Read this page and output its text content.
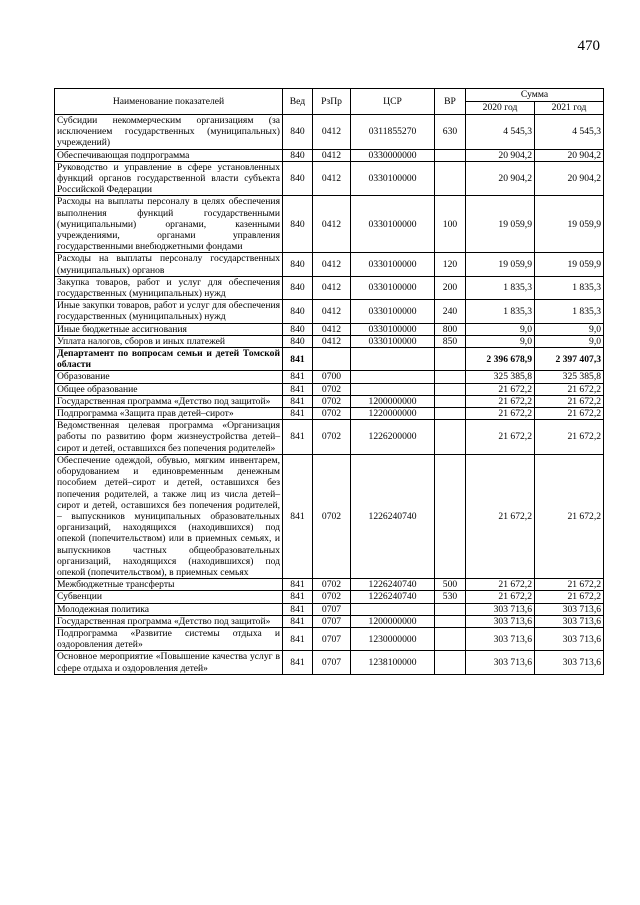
470
Наименование показателей	Вед	РзПр	ЦСР	ВР	Сумма	
					2020 год	2021 год
Субсидии некоммерческим организациям (за исключением государственных (муниципальных) учреждений)	840	0412	0311855270	630	4 545,3	4 545,3
Обеспечивающая подпрограмма	840	0412	0330000000		20 904,2	20 904,2
Руководство и управление в сфере установленных функций органов государственной власти субъекта Российской Федерации	840	0412	0330100000		20 904,2	20 904,2
Расходы на выплаты персоналу в целях обеспечения выполнения функций государственными (муниципальными) органами, казенными учреждениями, органами управления государственными внебюджетными фондами	840	0412	0330100000	100	19 059,9	19 059,9
Расходы на выплаты персоналу государственных (муниципальных) органов	840	0412	0330100000	120	19 059,9	19 059,9
Закупка товаров, работ и услуг для обеспечения государственных (муниципальных) нужд	840	0412	0330100000	200	1 835,3	1 835,3
Иные закупки товаров, работ и услуг для обеспечения государственных (муниципальных) нужд	840	0412	0330100000	240	1 835,3	1 835,3
Иные бюджетные ассигнования	840	0412	0330100000	800	9,0	9,0
Уплата налогов, сборов и иных платежей	840	0412	0330100000	850	9,0	9,0
Департамент по вопросам семьи и детей Томской области	841				2 396 678,9	2 397 407,3
Образование	841	0700			325 385,8	325 385,8
Общее образование	841	0702			21 672,2	21 672,2
Государственная программа «Детство под защитой»	841	0702	1200000000		21 672,2	21 672,2
Подпрограмма «Защита прав детей–сирот»	841	0702	1220000000		21 672,2	21 672,2
Ведомственная целевая программа «Организация работы по развитию форм жизнеустройства детей–сирот и детей, оставшихся без попечения родителей»	841	0702	1226200000		21 672,2	21 672,2
Обеспечение одеждой, обувью, мягким инвентарем, оборудованием и единовременным денежным пособием детей–сирот и детей, оставшихся без попечения родителей, а также лиц из числа детей–сирот и детей, оставшихся без попечения родителей, – выпускников муниципальных образовательных организаций, находящихся (находившихся) под опекой (попечительством) или в приемных семьях, и выпускников частных общеобразовательных организаций, находящихся (находившихся) под опекой (попечительством), в приемных семьях	841	0702	1226240740		21 672,2	21 672,2
Межбюджетные трансферты	841	0702	1226240740	500	21 672,2	21 672,2
Субвенции	841	0702	1226240740	530	21 672,2	21 672,2
Молодежная политика	841	0707			303 713,6	303 713,6
Государственная программа «Детство под защитой»	841	0707	1200000000		303 713,6	303 713,6
Подпрограмма «Развитие системы отдыха и оздоровления детей»	841	0707	1230000000		303 713,6	303 713,6
Основное мероприятие «Повышение качества услуг в сфере отдыха и оздоровления детей»	841	0707	1238100000		303 713,6	303 713,6
